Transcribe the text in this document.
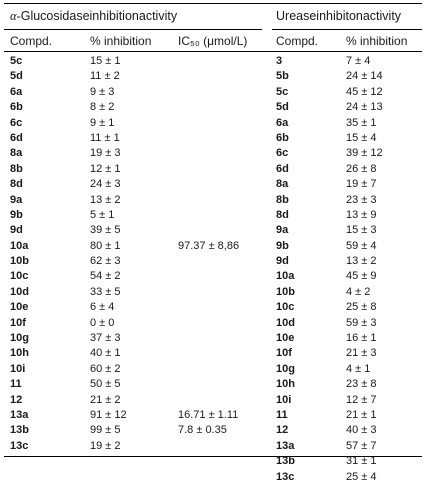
α-Glucosidaseinhibitionactivity	Ureaseinhibitonactivity
Compd.	% inhibition IC₅₀ (μmol/L) Compd. % inhibition
5c
5d
6a
6b
6c
6d
8a
8b
8d
9a
9b
9d
10a
10b
10c
10d
10e
10f
10g
10h
10i
11
12
13a
13b
13c
15 ± 1
11 ± 2
9 ± 3
8 ± 2
9 ± 1
11 ± 1
19 ± 3
12 ± 1
24 ± 3
13 ± 2
5 ± 1
39 ± 5
80 ± 1
62 ± 3
54 ± 2
33 ± 5
6 ± 4
0 ± 0
37 ± 3
40 ± 1
60 ± 2
50 ± 5
21 ± 2
91 ± 12
99 ± 5
19 ± 2
97.37 ± 8,86
16.71 ± 1.11
7.8 ± 0.35
3
5b
5c
5d
6a
6b
6c
6d
8a
8b
8d
9a
9b
9d
10a
10b
10c
10d
10e
10f
10g
10h
10i
11
12
13a
13b
13c
7 ± 4
24 ± 14
45 ± 12
24 ± 13
35 ± 1
15 ± 4
39 ± 12
26 ± 8
19 ± 7
23 ± 3
13 ± 9
15 ± 3
59 ± 4
13 ± 2
45 ± 9
4 ± 2
25 ± 8
59 ± 3
16 ± 1
21 ± 3
4 ± 1
23 ± 8
12 ± 7
21 ± 1
40 ± 3
57 ± 7
31 ± 1
25 ± 4
